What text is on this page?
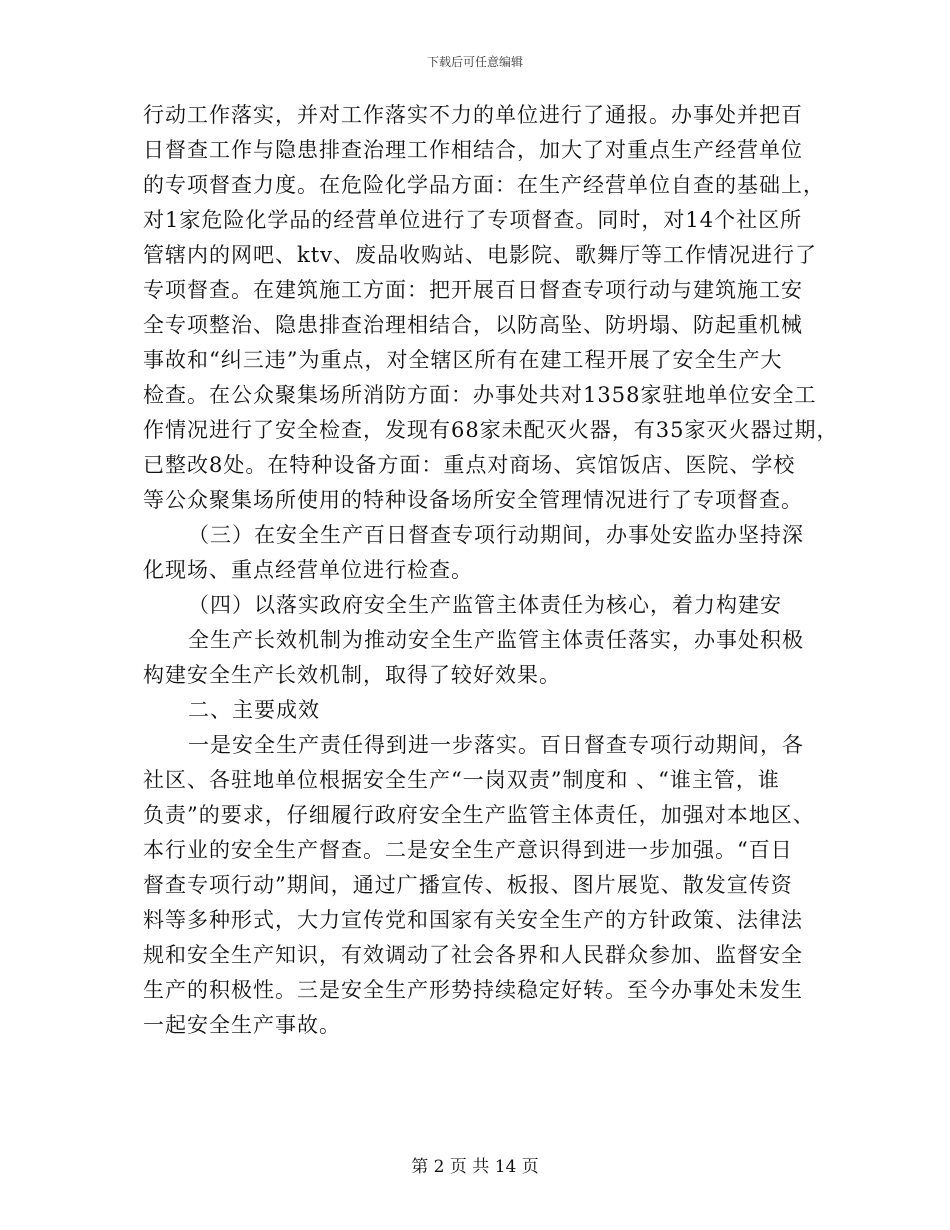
下载后可任意编辑
行动工作落实，并对工作落实不力的单位进行了通报。办事处并把百
日督查工作与隐患排查治理工作相结合，加大了对重点生产经营单位
的专项督查力度。在危险化学品方面：在生产经营单位自查的基础上，
对1家危险化学品的经营单位进行了专项督查。同时，对14个社区所
管辖内的网吧、ktv、废品收购站、电影院、歌舞厅等工作情况进行了
专项督查。在建筑施工方面：把开展百日督查专项行动与建筑施工安
全专项整治、隐患排查治理相结合，以防高坠、防坍塌、防起重机械
事故和“纠三违”为重点，对全辖区所有在建工程开展了安全生产大
检查。在公众聚集场所消防方面：办事处共对1358家驻地单位安全工
作情况进行了安全检查，发现有68家未配灭火器，有35家灭火器过期，
已整改8处。在特种设备方面：重点对商场、宾馆饭店、医院、学校
等公众聚集场所使用的特种设备场所安全管理情况进行了专项督查。
（三）在安全生产百日督查专项行动期间，办事处安监办坚持深
化现场、重点经营单位进行检查。
（四）以落实政府安全生产监管主体责任为核心，着力构建安
全生产长效机制为推动安全生产监管主体责任落实，办事处积极
构建安全生产长效机制，取得了较好效果。
二、主要成效
一是安全生产责任得到进一步落实。百日督查专项行动期间，各
社区、各驻地单位根据安全生产“一岗双责”制度和 、“谁主管，谁
负责”的要求，仔细履行政府安全生产监管主体责任，加强对本地区、
本行业的安全生产督查。二是安全生产意识得到进一步加强。“百日
督查专项行动”期间，通过广播宣传、板报、图片展览、散发宣传资
料等多种形式，大力宣传党和国家有关安全生产的方针政策、法律法
规和安全生产知识，有效调动了社会各界和人民群众参加、监督安全
生产的积极性。三是安全生产形势持续稳定好转。至今办事处未发生
一起安全生产事故。
第 2 页 共 14 页
